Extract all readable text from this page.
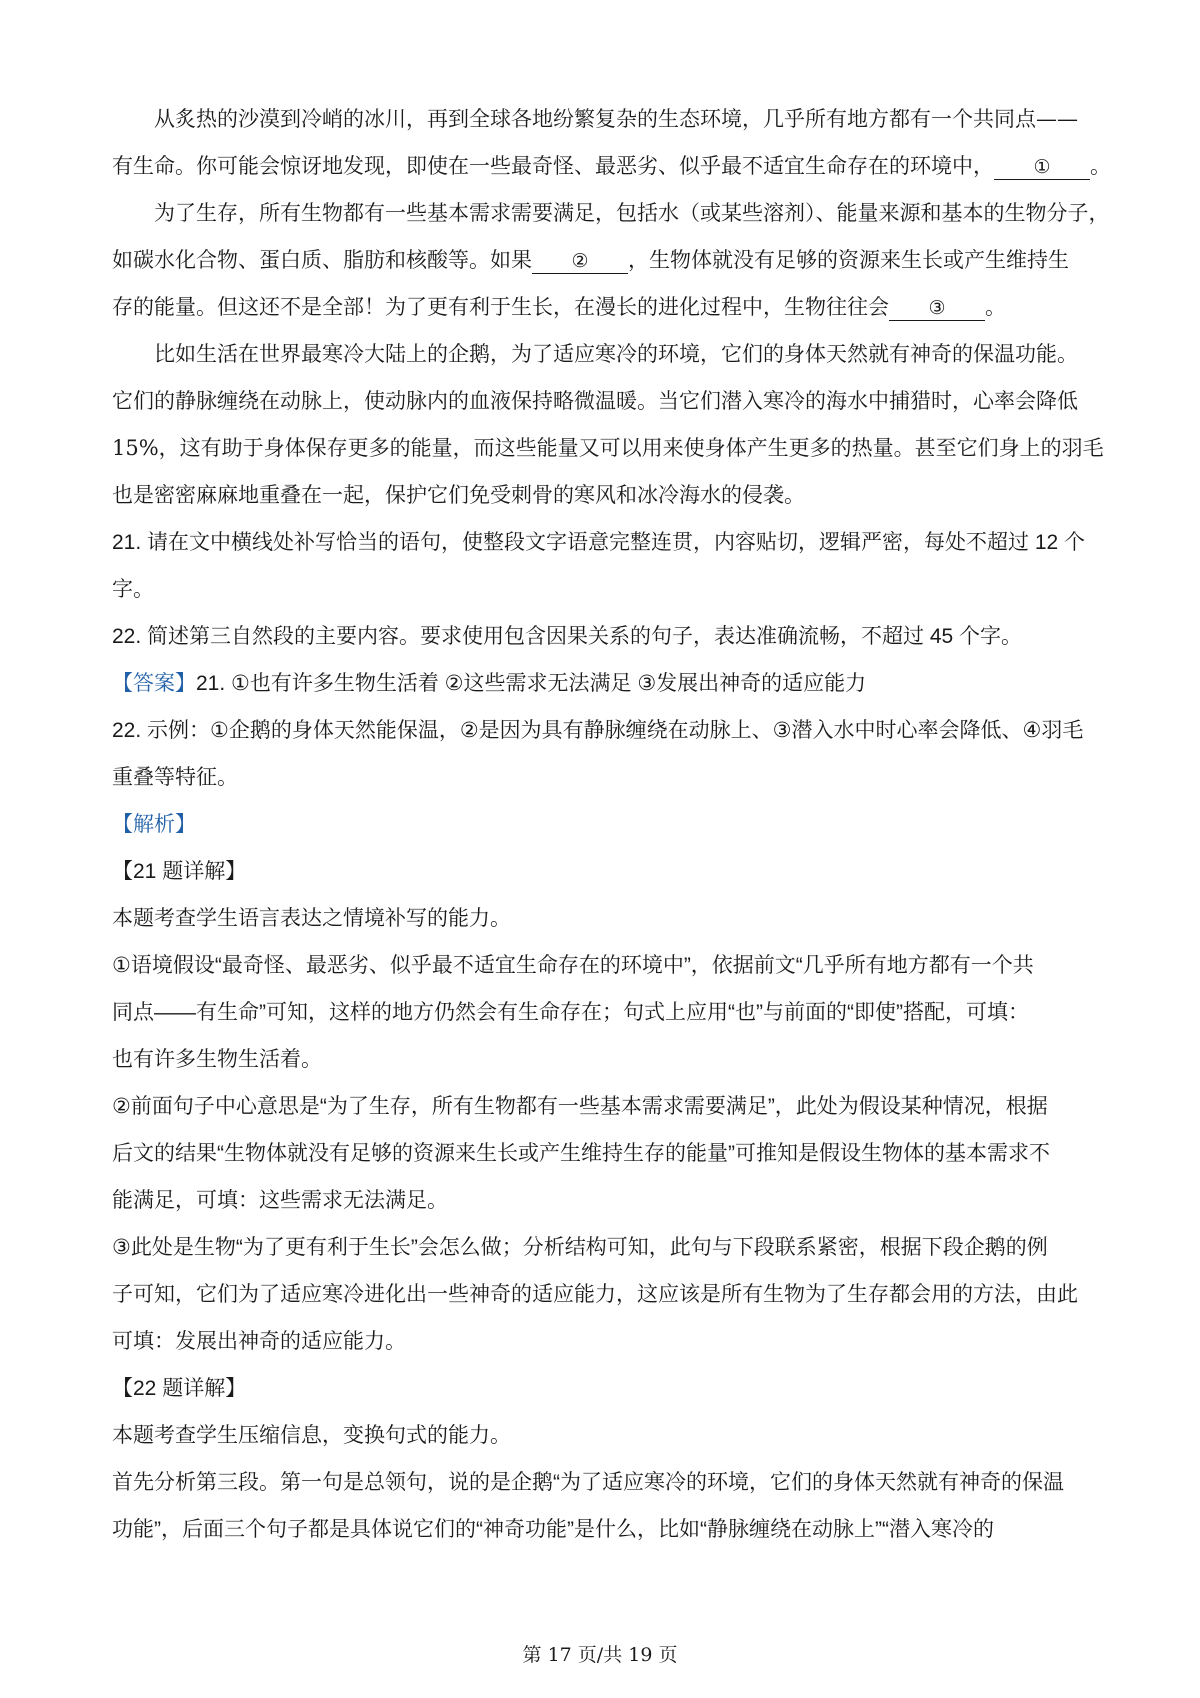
从炙热的沙漠到冷峭的冰川，再到全球各地纷繁复杂的生态环境，几乎所有地方都有一个共同点——
有生命。你可能会惊讶地发现，即使在一些最奇怪、最恶劣、似乎最不适宜生命存在的环境中， ① 。
为了生存，所有生物都有一些基本需求需要满足，包括水（或某些溶剂）、能量来源和基本的生物分子，
如碳水化合物、蛋白质、脂肪和核酸等。如果 ② ，生物体就没有足够的资源来生长或产生维持生
存的能量。但这还不是全部！为了更有利于生长，在漫长的进化过程中，生物往往会 ③ 。
比如生活在世界最寒冷大陆上的企鹅，为了适应寒冷的环境，它们的身体天然就有神奇的保温功能。
它们的静脉缠绕在动脉上，使动脉内的血液保持略微温暖。当它们潜入寒冷的海水中捕猎时，心率会降低
15%，这有助于身体保存更多的能量，而这些能量又可以用来使身体产生更多的热量。甚至它们身上的羽毛
也是密密麻麻地重叠在一起，保护它们免受刺骨的寒风和冰冷海水的侵袭。
21. 请在文中横线处补写恰当的语句，使整段文字语意完整连贯，内容贴切，逻辑严密，每处不超过 12 个
字。
22. 简述第三自然段的主要内容。要求使用包含因果关系的句子，表达准确流畅，不超过 45 个字。
【答案】21. ①也有许多生物生活着 ②这些需求无法满足 ③发展出神奇的适应能力
22. 示例：①企鹅的身体天然能保温，②是因为具有静脉缠绕在动脉上、③潜入水中时心率会降低、④羽毛
重叠等特征。
【解析】
【21 题详解】
本题考查学生语言表达之情境补写的能力。
①语境假设“最奇怪、最恶劣、似乎最不适宜生命存在的环境中”，依据前文“几乎所有地方都有一个共
同点——有生命”可知，这样的地方仍然会有生命存在；句式上应用“也”与前面的“即使”搭配，可填：
也有许多生物生活着。
②前面句子中心意思是“为了生存，所有生物都有一些基本需求需要满足”，此处为假设某种情况，根据
后文的结果“生物体就没有足够的资源来生长或产生维持生存的能量”可推知是假设生物体的基本需求不
能满足，可填：这些需求无法满足。
③此处是生物“为了更有利于生长”会怎么做；分析结构可知，此句与下段联系紧密，根据下段企鹅的例
子可知，它们为了适应寒冷进化出一些神奇的适应能力，这应该是所有生物为了生存都会用的方法，由此
可填：发展出神奇的适应能力。
【22 题详解】
本题考查学生压缩信息，变换句式的能力。
首先分析第三段。第一句是总领句，说的是企鹅“为了适应寒冷的环境，它们的身体天然就有神奇的保温
功能”，后面三个句子都是具体说它们的“神奇功能”是什么，比如“静脉缠绕在动脉上”“潜入寒冷的
第 17 页/共 19 页
